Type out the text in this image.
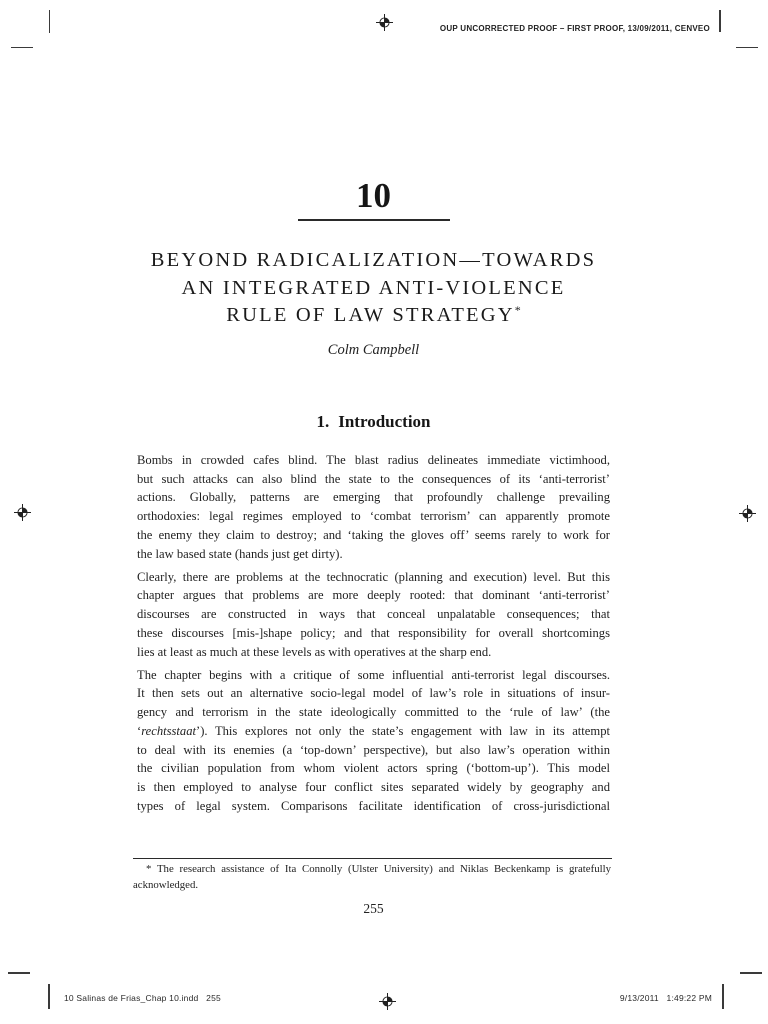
OUP UNCORRECTED PROOF – FIRST PROOF, 13/09/2011, CENVEO
10
BEYOND RADICALIZATION—TOWARDS
AN INTEGRATED ANTI-VIOLENCE
RULE OF LAW STRATEGY*
Colm Campbell
1. Introduction
Bombs in crowded cafes blind. The blast radius delineates immediate victimhood,
but such attacks can also blind the state to the consequences of its ‘anti-terrorist’
actions. Globally, patterns are emerging that profoundly challenge prevailing
orthodoxies: legal regimes employed to ‘combat terrorism’ can apparently promote
the enemy they claim to destroy; and ‘taking the gloves off’ seems rarely to work for
the law based state (hands just get dirty).
Clearly, there are problems at the technocratic (planning and execution) level. But this
chapter argues that problems are more deeply rooted: that dominant ‘anti-terrorist’
discourses are constructed in ways that conceal unpalatable consequences; that
these discourses [mis-]shape policy; and that responsibility for overall shortcomings
lies at least as much at these levels as with operatives at the sharp end.
The chapter begins with a critique of some influential anti-terrorist legal discourses.
It then sets out an alternative socio-legal model of law’s role in situations of insur-
gency and terrorism in the state ideologically committed to the ‘rule of law’ (the
‘rechtsstaat’). This explores not only the state’s engagement with law in its attempt
to deal with its enemies (a ‘top-down’ perspective), but also law’s operation within
the civilian population from whom violent actors spring (‘bottom-up’). This model
is then employed to analyse four conflict sites separated widely by geography and
types of legal system. Comparisons facilitate identification of cross-jurisdictional
* The research assistance of Ita Connolly (Ulster University) and Niklas Beckenkamp is gratefully
acknowledged.
255
10 Salinas de Frias_Chap 10.indd   255	9/13/2011   1:49:22 PM
